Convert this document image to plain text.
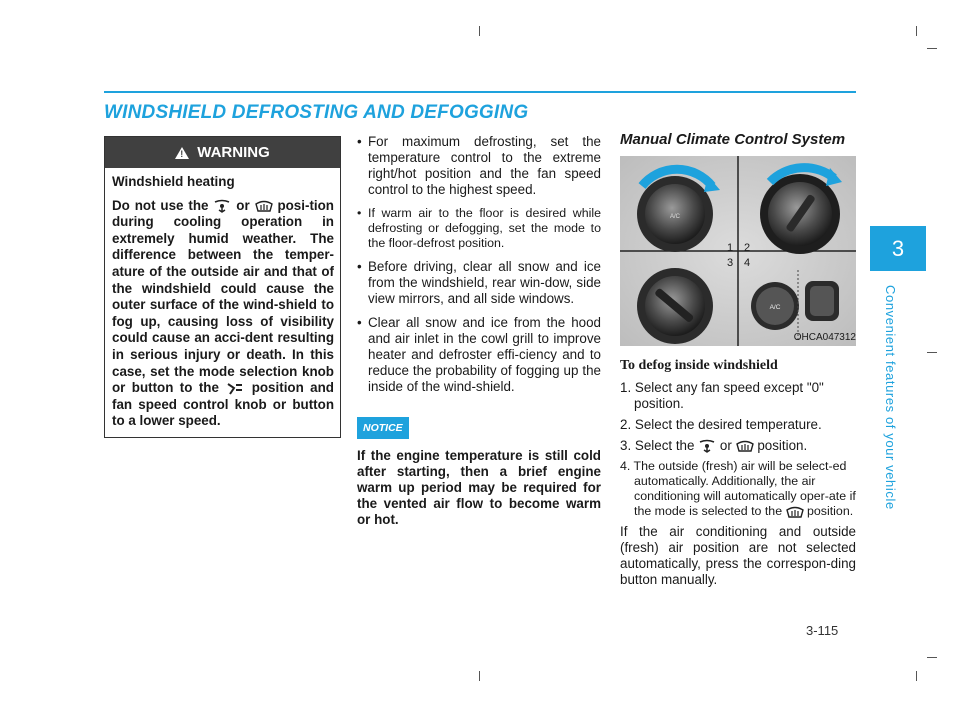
WINDSHIELD DEFROSTING AND DEFOGGING
3
Convenient features of your vehicle
! WARNING

Windshield heating

Do not use the or posi-tion during cooling operation in extremely humid weather. The difference between the temper-ature of the outside air and that of the windshield could cause the outer surface of the wind-shield to fog up, causing loss of visibility could cause an acci-dent resulting in serious injury or death. In this case, set the mode selection knob or button to the position and fan speed control knob or button to a lower speed.

• For maximum defrosting, set the temperature control to the extreme right/hot position and the fan speed control to the highest speed.
• If warm air to the floor is desired while defrosting or defogging, set the mode to the floor-defrost position.
• Before driving, clear all snow and ice from the windshield, rear win-dow, side view mirrors, and all side windows.
• Clear all snow and ice from the hood and air inlet in the cowl grill to improve heater and defroster effi-ciency and to reduce the probability of fogging up the inside of the wind-shield.
NOTICE
If the engine temperature is still cold after starting, then a brief engine warm up period may be required for the vented air flow to become warm or hot.
Manual Climate Control System
A/C
A/C
1 2
3 4
OHCA047312
To defog inside windshield
1. Select any fan speed except "0" position.
2. Select the desired temperature.
3. Select the or position.
4. The outside (fresh) air will be select-ed automatically. Additionally, the air conditioning will automatically oper-ate if the mode is selected to the position.
If the air conditioning and outside (fresh) air position are not selected automatically, press the correspon-ding button manually.
3-115
